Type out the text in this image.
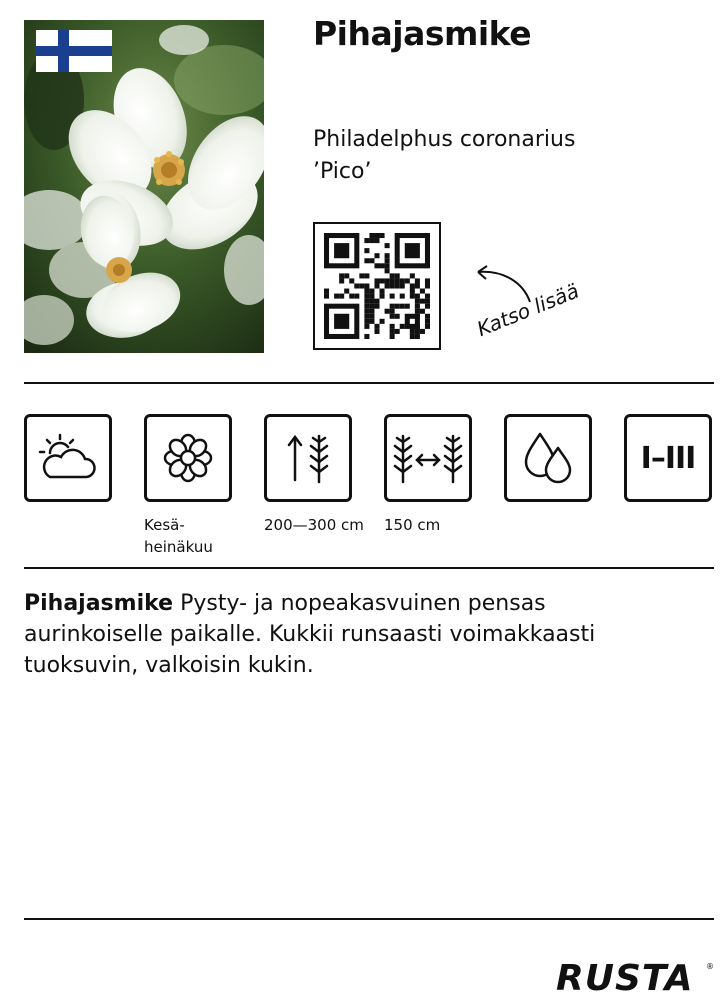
Pihajasmike
Philadelphus coronarius
’Pico’
Katso lisää
I–III
Kesä-
heinäkuu
200—300 cm 150 cm
Pihajasmike Pysty- ja nopeakasvuinen pensas aurinkoiselle paikalle. Kukkii runsaasti voimakkaasti tuoksuvin, valkoisin kukin.
RUSTA ®
